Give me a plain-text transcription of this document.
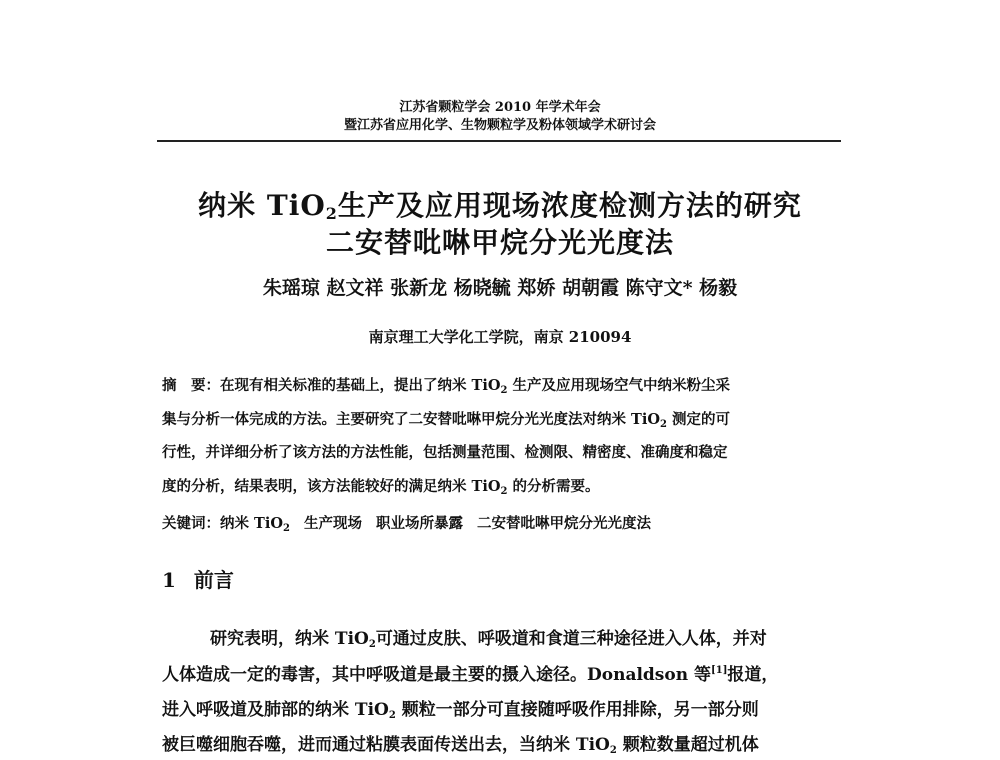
江苏省颗粒学会 2010 年学术年会
暨江苏省应用化学、生物颗粒学及粉体领域学术研讨会
纳米 TiO$_2$生产及应用现场浓度检测方法的研究
二安替吡啉甲烷分光光度法
朱瑶琼 赵文祥 张新龙 杨晓毓 郑娇 胡朝霞 陈守文* 杨毅
南京理工大学化工学院，南京 210094
摘　要：在现有相关标准的基础上，提出了纳米 TiO$_2$ 生产及应用现场空气中纳米粉尘采
集与分析一体完成的方法。主要研究了二安替吡啉甲烷分光光度法对纳米 TiO$_2$ 测定的可
行性，并详细分析了该方法的方法性能，包括测量范围、检测限、精密度、准确度和稳定
度的分析，结果表明，该方法能较好的满足纳米 TiO$_2$ 的分析需要。
关键词：纳米 TiO$_2$ 生产现场 职业场所暴露 二安替吡啉甲烷分光光度法
1 前言
研究表明，纳米 TiO$_2$可通过皮肤、呼吸道和食道三种途径进入人体，并对
人体造成一定的毒害，其中呼吸道是最主要的摄入途径。Donaldson 等[1]报道，
进入呼吸道及肺部的纳米 TiO$_2$ 颗粒一部分可直接随呼吸作用排除，另一部分则
被巨噬细胞吞噬，进而通过粘膜表面传送出去，当纳米 TiO$_2$ 颗粒数量超过机体
